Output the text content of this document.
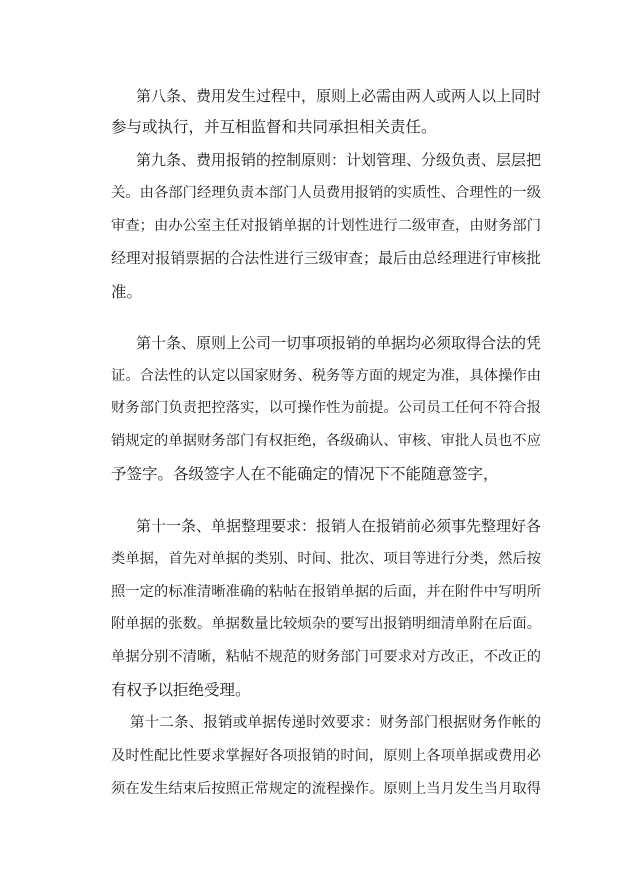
第八条、费用发生过程中，原则上必需由两人或两人以上同时
参与或执行，并互相监督和共同承担相关责任。
第九条、费用报销的控制原则：计划管理、分级负责、层层把
关。由各部门经理负责本部门人员费用报销的实质性、合理性的一级
审查；由办公室主任对报销单据的计划性进行二级审查，由财务部门
经理对报销票据的合法性进行三级审查；最后由总经理进行审核批
准。
第十条、原则上公司一切事项报销的单据均必须取得合法的凭
证。合法性的认定以国家财务、税务等方面的规定为准，具体操作由
财务部门负责把控落实，以可操作性为前提。公司员工任何不符合报
销规定的单据财务部门有权拒绝，各级确认、审核、审批人员也不应
予签字。各级签字人在不能确定的情况下不能随意签字，
第十一条、单据整理要求：报销人在报销前必须事先整理好各
类单据，首先对单据的类别、时间、批次、项目等进行分类，然后按
照一定的标准清晰准确的粘帖在报销单据的后面，并在附件中写明所
附单据的张数。单据数量比较烦杂的要写出报销明细清单附在后面。
单据分别不清晰，粘帖不规范的财务部门可要求对方改正，不改正的
有权予以拒绝受理。
第十二条、报销或单据传递时效要求：财务部门根据财务作帐的
及时性配比性要求掌握好各项报销的时间，原则上各项单据或费用必
须在发生结束后按照正常规定的流程操作。原则上当月发生当月取得
